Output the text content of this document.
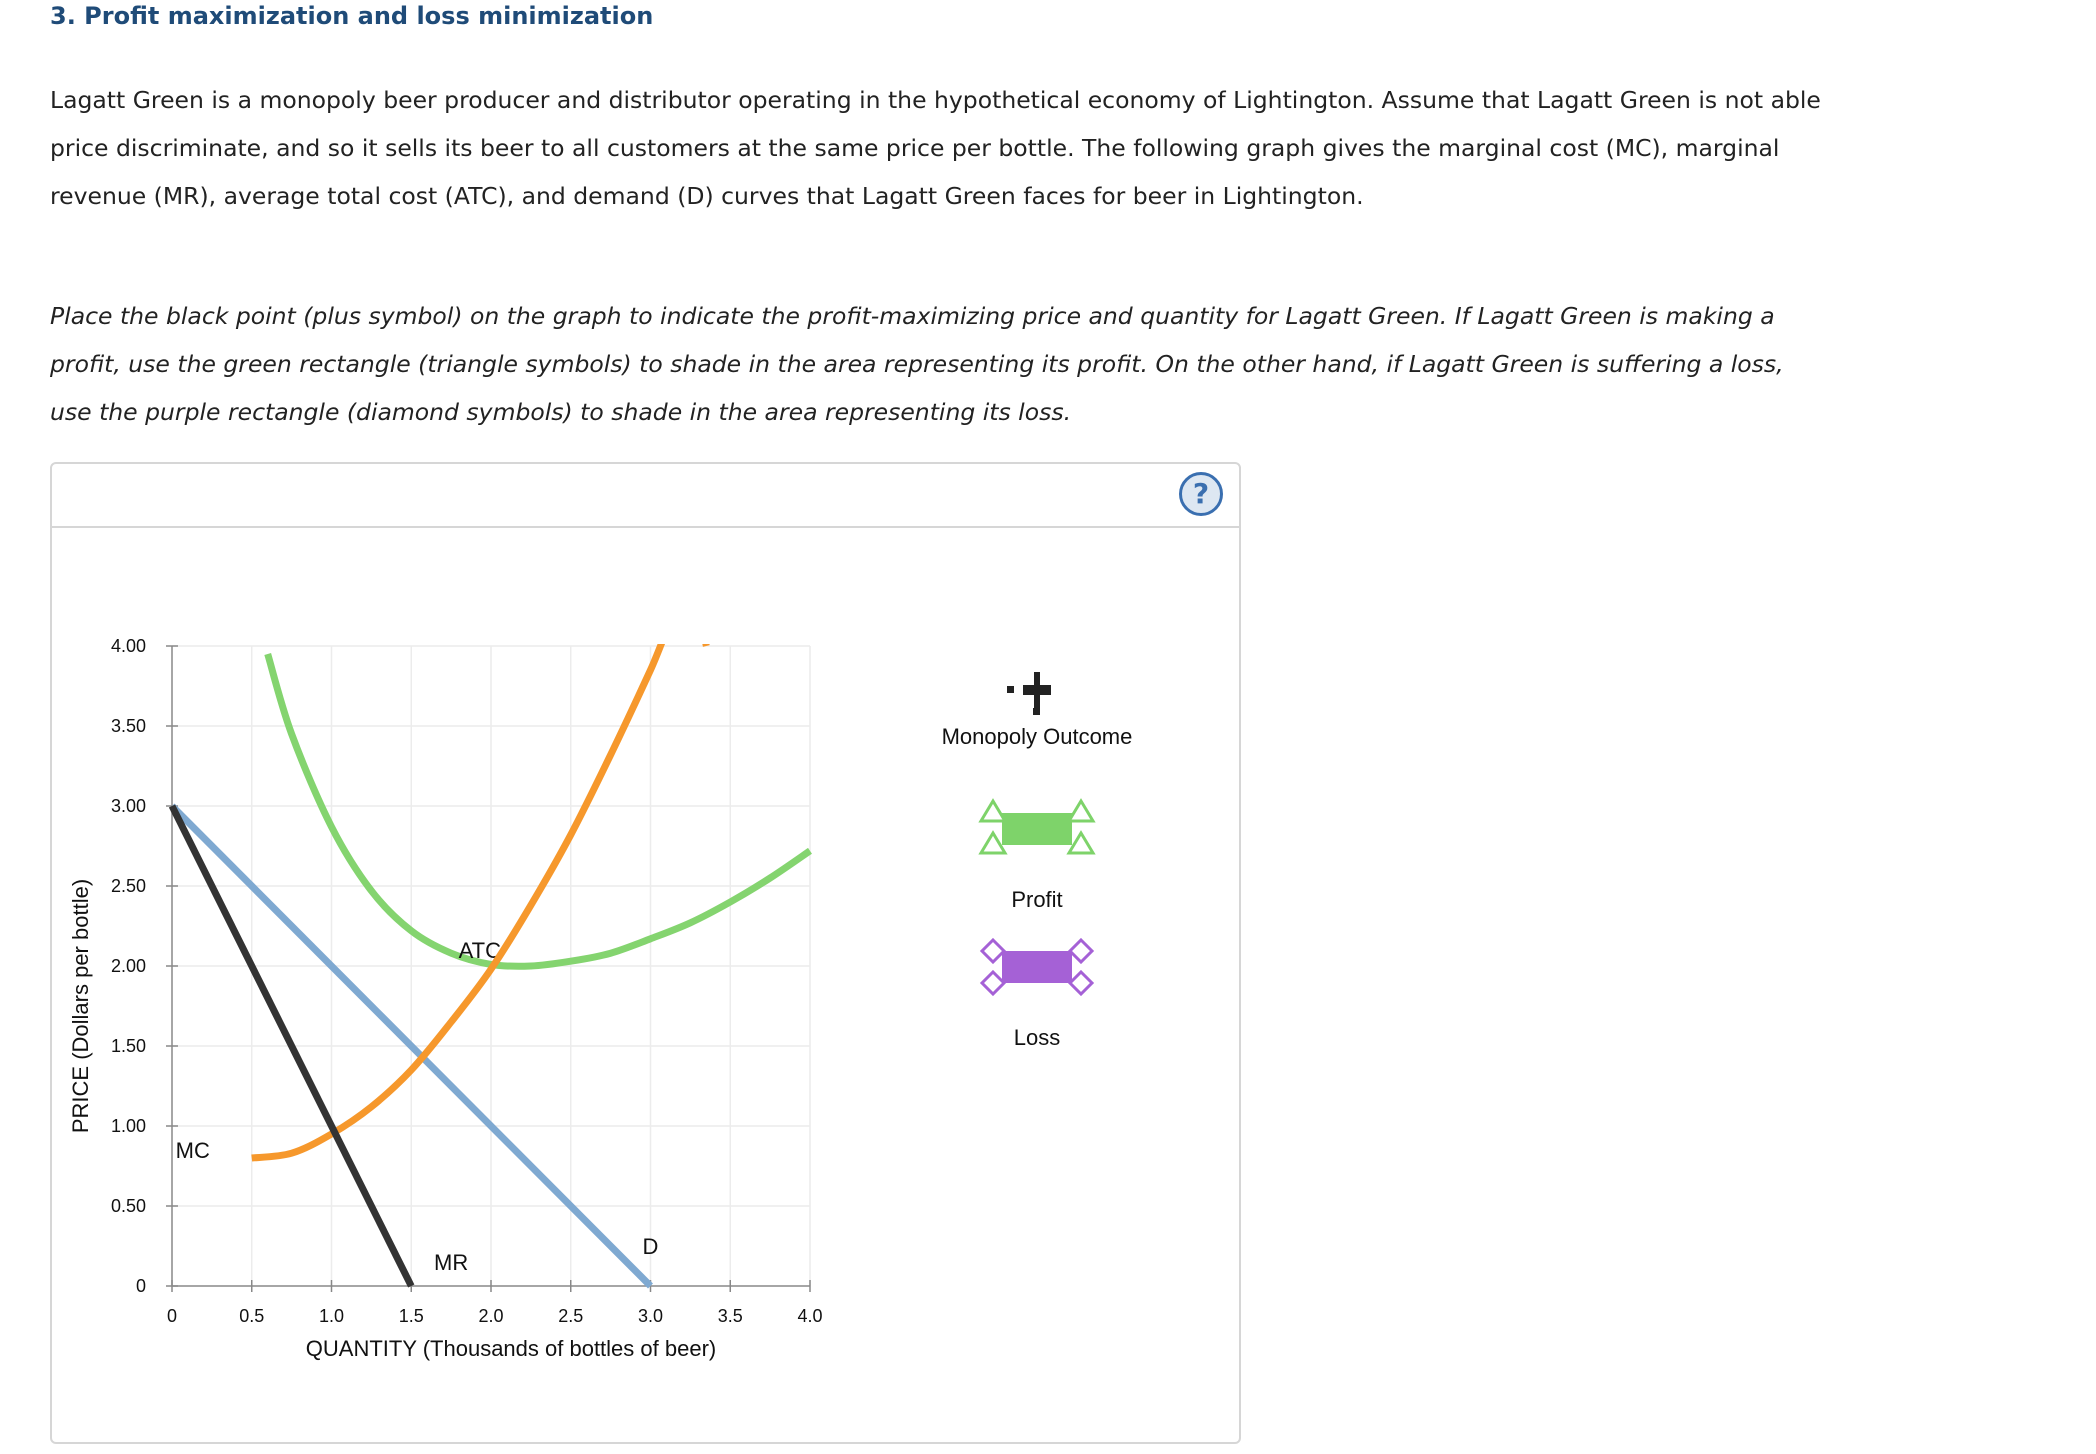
3. Profit maximization and loss minimization
Lagatt Green is a monopoly beer producer and distributor operating in the hypothetical economy of Lightington. Assume that Lagatt Green is not able
price discriminate, and so it sells its beer to all customers at the same price per bottle. The following graph gives the marginal cost (MC), marginal
revenue (MR), average total cost (ATC), and demand (D) curves that Lagatt Green faces for beer in Lightington.
Place the black point (plus symbol) on the graph to indicate the profit-maximizing price and quantity for Lagatt Green. If Lagatt Green is making a
profit, use the green rectangle (triangle symbols) to shade in the area representing its profit. On the other hand, if Lagatt Green is suffering a loss,
use the purple rectangle (diamond symbols) to shade in the area representing its loss.
?
0	0.5	1.0	1.5	2.0	2.5	3.0	3.5	4.0
0
0.50
1.00
1.50
2.00
2.50
3.00
3.50
4.00
QUANTITY (Thousands of bottles of beer)
PRICE (Dollars per bottle)
D
ATC
MC
MR
Monopoly Outcome
Profit
Loss
